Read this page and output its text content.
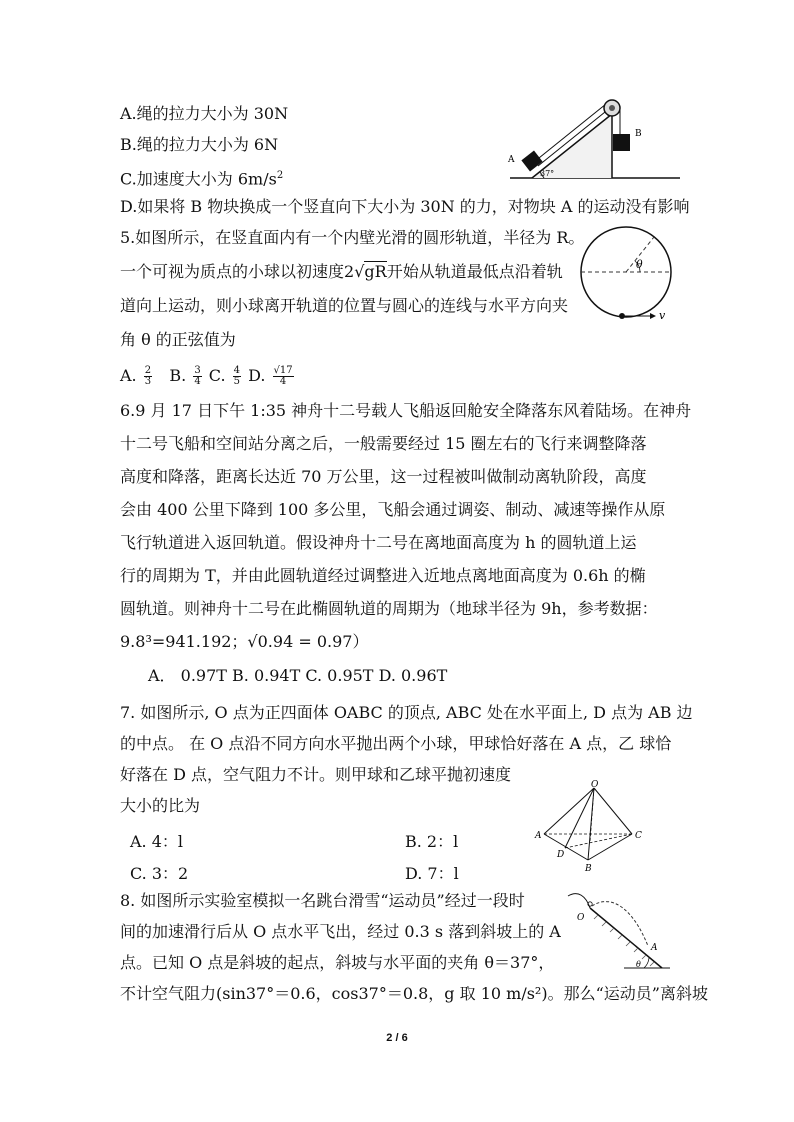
A.绳的拉力大小为 30N
B.绳的拉力大小为 6N
C.加速度大小为 $6m/s^2$
D.如果将 B 物块换成一个竖直向下大小为 30N 的力，对物块 A 的运动没有影响
A
B
37°
5.如图所示，在竖直面内有一个内壁光滑的圆形轨道，半径为 R。
一个可视为质点的小球以初速度2√gR开始从轨道最低点沿着轨
道向上运动，则小球离开轨道的位置与圆心的连线与水平方向夹
角 θ 的正弦值为
A. $\frac{2}{3} B$. $\frac{3}{4} C$. $\frac{4}{5} D$. $\frac{√17}{4}$
θ
v
6.9 月 17 日下午 1:35 神舟十二号载人飞船返回舱安全降落东风着陆场。在神舟
十二号飞船和空间站分离之后，一般需要经过 15 圈左右的飞行来调整降落
高度和降落，距离长达近 70 万公里，这一过程被叫做制动离轨阶段，高度
会由 400 公里下降到 100 多公里，飞船会通过调姿、制动、减速等操作从原
飞行轨道进入返回轨道。假设神舟十二号在离地面高度为 h 的圆轨道上运
行的周期为 T，并由此圆轨道经过调整进入近地点离地面高度为 0.6h 的椭
圆轨道。则神舟十二号在此椭圆轨道的周期为（地球半径为 9h，参考数据：
9.8³=941.192；√0.94 = 0.97）
A． 0.97T B. 0.94T C. 0.95T D. 0.96T
7. 如图所示, O 点为正四面体 OABC 的顶点, ABC 处在水平面上, D 点为 AB 边
的中点。 在 O 点沿不同方向水平抛出两个小球，甲球恰好落在 A 点，乙 球恰
好落在 D 点，空气阻力不计。则甲球和乙球平抛初速度
大小的比为
A. 4：l	B. 2：l
C. 3：2	D. 7：l
O
A	C
B
D
8. 如图所示实验室模拟一名跳台滑雪“运动员”经过一段时
间的加速滑行后从 O 点水平飞出，经过 0.3 s 落到斜坡上的 A
点。已知 O 点是斜坡的起点，斜坡与水平面的夹角 θ＝37°，
不计空气阻力(sin37°＝0.6，cos37°＝0.8，g 取 10 m/s²)。那么“运动员”离斜坡
O
A
θ
2 / 6
